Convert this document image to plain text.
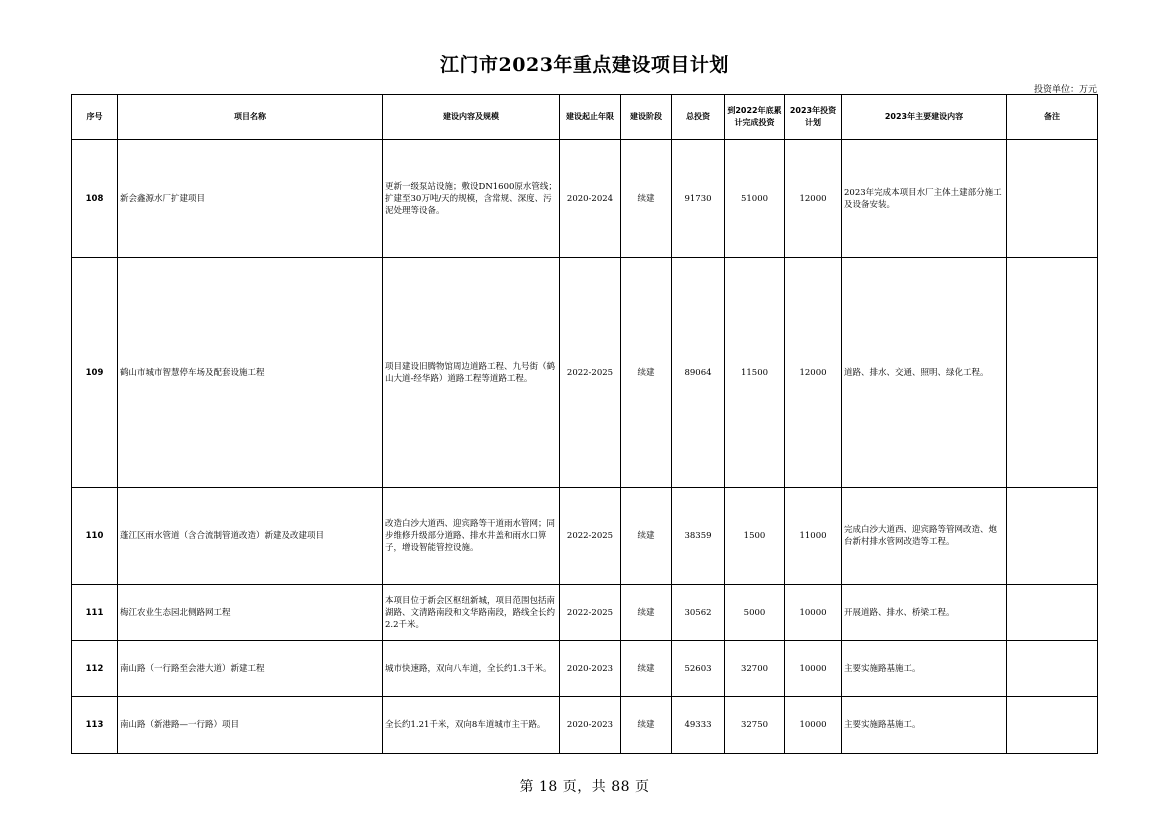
江门市2023年重点建设项目计划
投资单位：万元
序号	项目名称	建设内容及规模	建设起止年限	建设阶段	总投资	到2022年底累计完成投资	2023年投资计划	2023年主要建设内容	备注
108	新会鑫源水厂扩建项目	更新一级泵站设施；敷设DN1600原水管线；扩建至30万吨/天的规模，含常规、深度、污泥处理等设备。	2020-2024	续建	91730	51000	12000	2023年完成本项目水厂主体土建部分施工及设备安装。	
109	鹤山市城市智慧停车场及配套设施工程	项目建设旧腾物馆周边道路工程、九号街（鹤山大道-经华路）道路工程等道路工程。	2022-2025	续建	89064	11500	12000	道路、排水、交通、照明、绿化工程。	
110	蓬江区雨水管道（含合流制管道改造）新建及改建项目	改造白沙大道西、迎宾路等干道雨水管网；同步维修升级部分道路、排水井盖和雨水口箅子，增设智能管控设施。	2022-2025	续建	38359	1500	11000	完成白沙大道西、迎宾路等管网改造、炮台新村排水管网改造等工程。	
111	梅江农业生态园北侧路网工程	本项目位于新会区枢纽新城，项目范围包括南湖路、文清路南段和文华路南段，路线全长约2.2千米。	2022-2025	续建	30562	5000	10000	开展道路、排水、桥梁工程。	
112	南山路（一行路至会港大道）新建工程	城市快速路，双向八车道，全长约1.3千米。	2020-2023	续建	52603	32700	10000	主要实施路基施工。	
113	南山路（新港路—一行路）项目	全长约1.21千米，双向8车道城市主干路。	2020-2023	续建	49333	32750	10000	主要实施路基施工。	
第 18 页，共 88 页
